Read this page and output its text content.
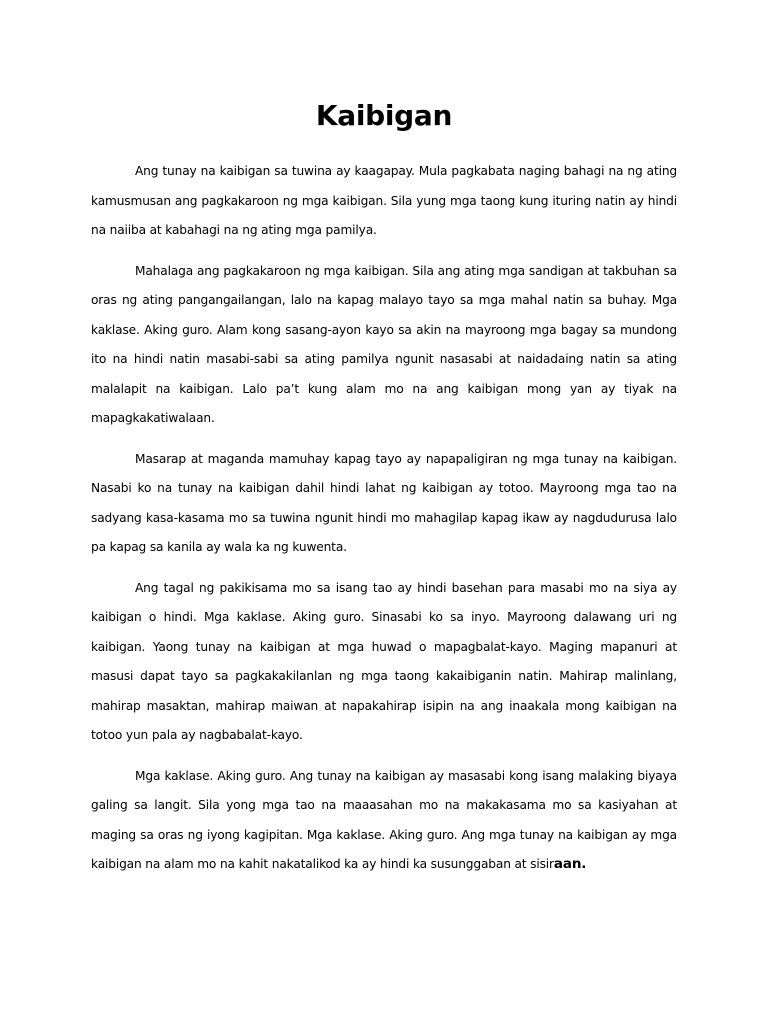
Kaibigan

Ang tunay na kaibigan sa tuwina ay kaagapay. Mula pagkabata naging bahagi na ng ating kamusmusan ang pagkakaroon ng mga kaibigan. Sila yung mga taong kung ituring natin ay hindi na naiiba at kabahagi na ng ating mga pamilya.

Mahalaga ang pagkakaroon ng mga kaibigan. Sila ang ating mga sandigan at takbuhan sa oras ng ating pangangailangan, lalo na kapag malayo tayo sa mga mahal natin sa buhay. Mga kaklase. Aking guro. Alam kong sasang-ayon kayo sa akin na mayroong mga bagay sa mundong ito na hindi natin masabi-sabi sa ating pamilya ngunit nasasabi at naidadaing natin sa ating malalapit na kaibigan. Lalo pa’t kung alam mo na ang kaibigan mong yan ay tiyak na mapagkakatiwalaan.

Masarap at maganda mamuhay kapag tayo ay napapaligiran ng mga tunay na kaibigan. Nasabi ko na tunay na kaibigan dahil hindi lahat ng kaibigan ay totoo. Mayroong mga tao na sadyang kasa-kasama mo sa tuwina ngunit hindi mo mahagilap kapag ikaw ay nagdudurusa lalo pa kapag sa kanila ay wala ka ng kuwenta.

Ang tagal ng pakikisama mo sa isang tao ay hindi basehan para masabi mo na siya ay kaibigan o hindi. Mga kaklase. Aking guro. Sinasabi ko sa inyo. Mayroong dalawang uri ng kaibigan. Yaong tunay na kaibigan at mga huwad o mapagbalat-kayo. Maging mapanuri at masusi dapat tayo sa pagkakakilanlan ng mga taong kakaibiganin natin. Mahirap malinlang, mahirap masaktan, mahirap maiwan at napakahirap isipin na ang inaakala mong kaibigan na totoo yun pala ay nagbabalat-kayo.

Mga kaklase. Aking guro. Ang tunay na kaibigan ay masasabi kong isang malaking biyaya galing sa langit. Sila yong mga tao na maaasahan mo na makakasama mo sa kasiyahan at maging sa oras ng iyong kagipitan. Mga kaklase. Aking guro. Ang mga tunay na kaibigan ay mga kaibigan na alam mo na kahit nakatalikod ka ay hindi ka susunggaban at sisiraan.
